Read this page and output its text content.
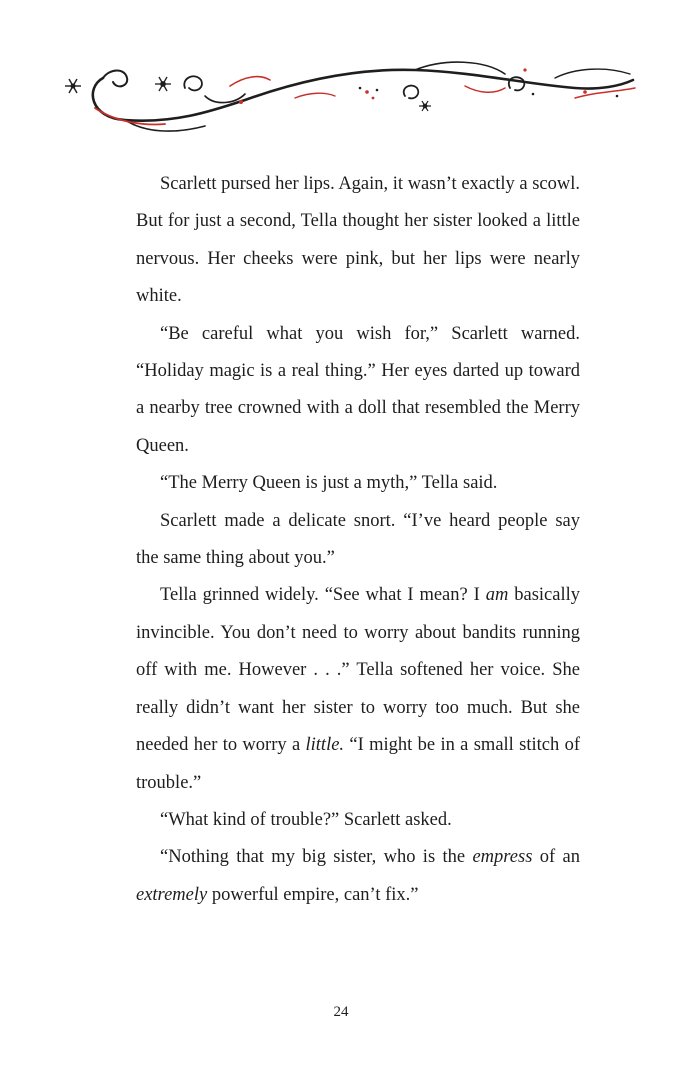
Scarlett pursed her lips. Again, it wasn’t exactly a scowl. But for just a second, Tella thought her sister looked a little nervous. Her cheeks were pink, but her lips were nearly white.

“Be careful what you wish for,” Scarlett warned. “Holiday magic is a real thing.” Her eyes darted up toward a nearby tree crowned with a doll that resembled the Merry Queen.

“The Merry Queen is just a myth,” Tella said.

Scarlett made a delicate snort. “I’ve heard people say the same thing about you.”

Tella grinned widely. “See what I mean? I am basically invincible. You don’t need to worry about bandits running off with me. However . . .” Tella softened her voice. She really didn’t want her sister to worry too much. But she needed her to worry a little. “I might be in a small stitch of trouble.”

“What kind of trouble?” Scarlett asked.

“Nothing that my big sister, who is the empress of an extremely powerful empire, can’t fix.”

24
